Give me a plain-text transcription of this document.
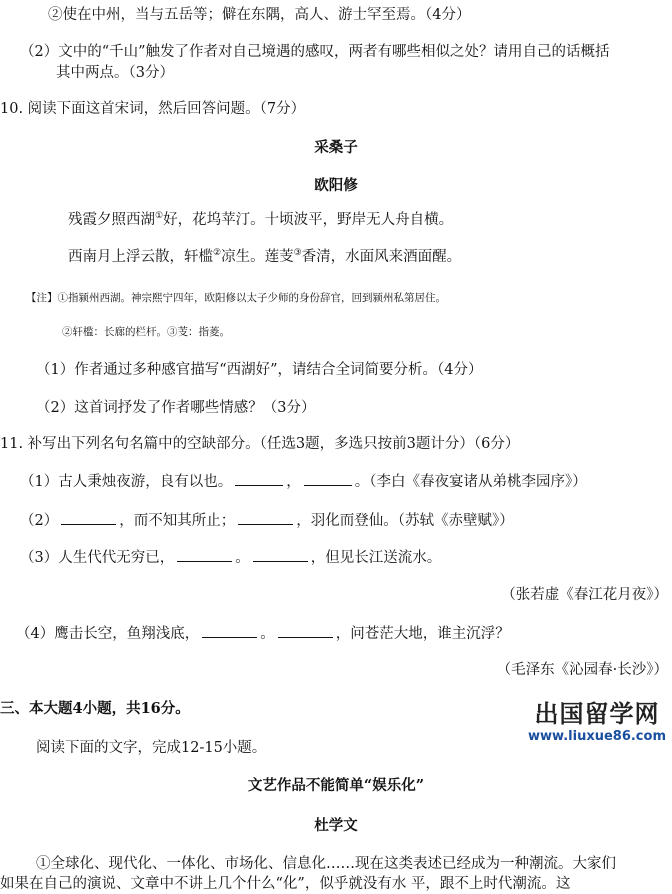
②使在中州，当与五岳等；僻在东隅，高人、游士罕至焉。（4分）
（2）文中的“千山”触发了作者对自己境遇的感叹，两者有哪些相似之处？请用自己的话概括
其中两点。（3分）
10. 阅读下面这首宋词，然后回答问题。（7分）
采桑子
欧阳修
残霞夕照西湖①好，花坞苹汀。十顷波平，野岸无人舟自横。
西南月上浮云散，轩槛②凉生。莲芰③香清，水面风来酒面醒。
【注】①指颍州西湖。神宗熙宁四年，欧阳修以太子少师的身份辞官，回到颍州私第居住。
②轩槛：长廊的栏杆。③芰：指菱。
（1）作者通过多种感官描写“西湖好”，请结合全词简要分析。（4分）
（2）这首词抒发了作者哪些情感？（3分）
11. 补写出下列名句名篇中的空缺部分。（任选3题，多选只按前3题计分）（6分）
（1）古人秉烛夜游，良有以也。	，	。（李白《春夜宴诸从弟桃李园序》）
（2）	，而不知其所止；	，羽化而登仙。（苏轼《赤壁赋》）
（3）人生代代无穷已，	。	，但见长江送流水。
（张若虚《春江花月夜》）
（4）鹰击长空，鱼翔浅底，	。	，问苍茫大地，谁主沉浮？
（毛泽东《沁园春·长沙》）
三、本大题4小题，共16分。
阅读下面的文字，完成12-15小题。
文艺作品不能简单“娱乐化”
杜学文
①全球化、现代化、一体化、市场化、信息化……现在这类表述已经成为一种潮流。大家们
如果在自己的演说、文章中不讲上几个什么“化”，似乎就没有水 平，跟不上时代潮流。这
出国留学网
www.liuxue86.com
